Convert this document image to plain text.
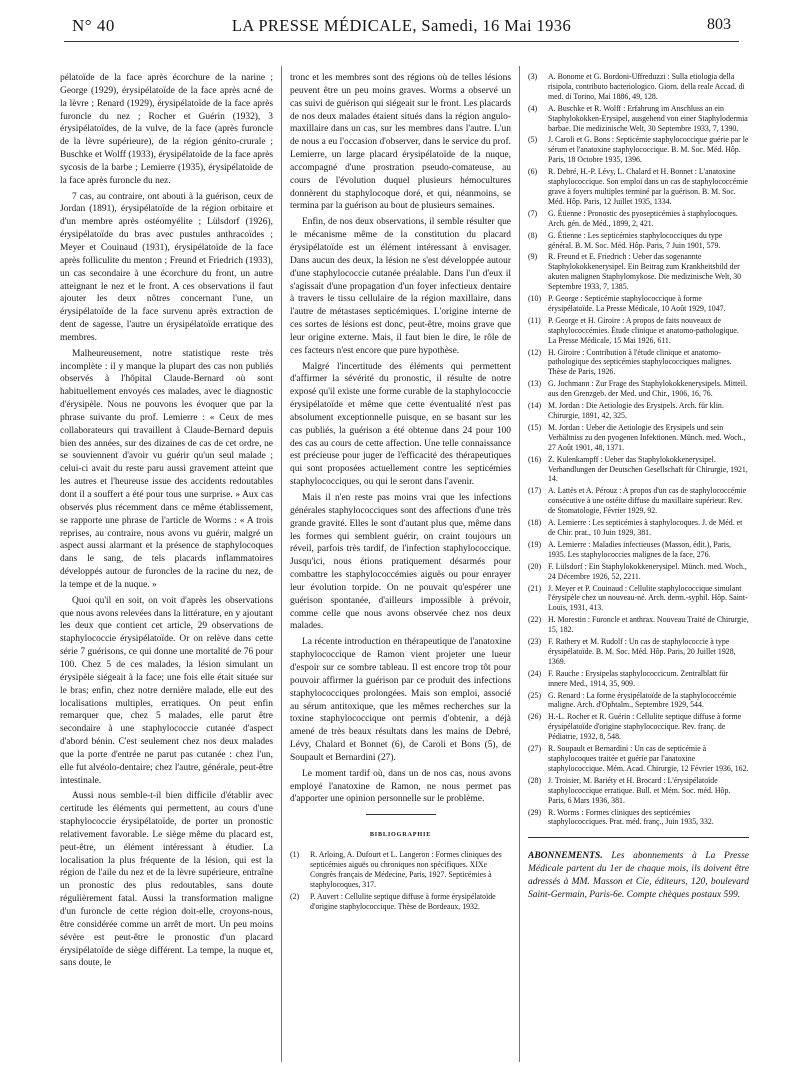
N° 40	LA PRESSE MÉDICALE, Samedi, 16 Mai 1936	803

pélatoïde de la face après écorchure de la narine ; George (1929), érysipélatoïde de la face après acné de la lèvre ; Renard (1929), érysipélatoïde de la face après furoncle du nez ; Rocher et Guérin (1932), 3 érysipélatoïdes, de la vulve, de la face (après furoncle de la lèvre supérieure), de la région génito-crurale ; Buschke et Wolff (1933), érysipélatoïde de la face après sycosis de la barbe ; Lemierre (1935), érysipélatoïde de la face après furoncle du nez.

7 cas, au contraire, ont abouti à la guérison, ceux de Jordan (1891), érysipélatoïde de la région orbitaire et d'un membre après ostéomyélite ; Lülsdorf (1926), érysipélatoïde du bras avec pustules anthracoïdes ; Meyer et Couinaud (1931), érysipélatoïde de la face après folliculite du menton ; Freund et Friedrich (1933), un cas secondaire à une écorchure du front, un autre atteignant le nez et le front. A ces observations il faut ajouter les deux nôtres concernant l'une, un érysipélatoïde de la face survenu après extraction de dent de sagesse, l'autre un érysipélatoïde erratique des membres.

Malheureusement, notre statistique reste très incomplète : il y manque la plupart des cas non publiés observés à l'hôpital Claude-Bernard où sont habituellement envoyés ces malades, avec le diagnostic d'érysipèle. Nous ne pouvons les évoquer que par la phrase suivante du prof. Lemierre : « Ceux de mes collaborateurs qui travaillent à Claude-Bernard depuis bien des années, sur des dizaines de cas de cet ordre, ne se souviennent d'avoir vu guérir qu'un seul malade ; celui-ci avait du reste paru aussi gravement atteint que les autres et l'heureuse issue des accidents redoutables dont il a souffert a été pour tous une surprise. » Aux cas observés plus récemment dans ce même établissement, se rapporte une phrase de l'article de Worms : « A trois reprises, au contraire, nous avons vu guérir, malgré un aspect aussi alarmant et la présence de staphylocoques dans le sang, de tels placards inflammatoires développés autour de furoncles de la racine du nez, de la tempe et de la nuque. »

Quoi qu'il en soit, on voit d'après les observations que nous avons relevées dans la littérature, en y ajoutant les deux que contient cet article, 29 observations de staphylococcie érysipélatoïde. Or on relève dans cette série 7 guérisons, ce qui donne une mortalité de 76 pour 100. Chez 5 de ces malades, la lésion simulant un érysipèle siégeait à la face; une fois elle était située sur le bras; enfin, chez notre dernière malade, elle eut des localisations multiples, erratiques. On peut enfin remarquer que, chez 5 malades, elle parut être secondaire à une staphylococcie cutanée d'aspect d'abord bénin. C'est seulement chez nos deux malades que la porte d'entrée ne parut pas cutanée : chez l'un, elle fut alvéolo-dentaire; chez l'autre, générale, peut-être intestinale.

Aussi nous semble-t-il bien difficile d'établir avec certitude les éléments qui permettent, au cours d'une staphylococcie érysipélatoïde, de porter un pronostic relativement favorable. Le siège même du placard est, peut-être, un élément intéressant à étudier. La localisation la plus fréquente de la lésion, qui est la région de l'aile du nez et de la lèvre supérieure, entraîne un pronostic des plus redoutables, sans doute régulièrement fatal. Aussi la transformation maligne d'un furoncle de cette région doit-elle, croyons-nous, être considérée comme un arrêt de mort. Un peu moins sévère est peut-être le pronostic d'un placard érysipélatoïde de siège différent. La tempe, la nuque et, sans doute, le

tronc et les membres sont des régions où de telles lésions peuvent être un peu moins graves. Worms a observé un cas suivi de guérison qui siégeait sur le front. Les placards de nos deux malades étaient situés dans la région angulo-maxillaire dans un cas, sur les membres dans l'autre. L'un de nous a eu l'occasion d'observer, dans le service du prof. Lemierre, un large placard érysipélatoïde de la nuque, accompagné d'une prostration pseudo-comateuse, au cours de l'évolution duquel plusieurs hémocultures donnèrent du staphylocoque doré, et qui, néanmoins, se termina par la guérison au bout de plusieurs semaines.

Enfin, de nos deux observations, il semble résulter que le mécanisme même de la constitution du placard érysipélatoïde est un élément intéressant à envisager. Dans aucun des deux, la lésion ne s'est développée autour d'une staphylococcie cutanée préalable. Dans l'un d'eux il s'agissait d'une propagation d'un foyer infectieux dentaire à travers le tissu cellulaire de la région maxillaire, dans l'autre de métastases septicémiques. L'origine interne de ces sortes de lésions est donc, peut-être, moins grave que leur origine externe. Mais, il faut bien le dire, le rôle de ces facteurs n'est encore que pure hypothèse.

Malgré l'incertitude des éléments qui permettent d'affirmer la sévérité du pronostic, il résulte de notre exposé qu'il existe une forme curable de la staphylococcie érysipélatoïde et même que cette éventualité n'est pas absolument exceptionnelle puisque, en se basant sur les cas publiés, la guérison a été obtenue dans 24 pour 100 des cas au cours de cette affection. Une telle connaissance est précieuse pour juger de l'efficacité des thérapeutiques qui sont proposées actuellement contre les septicémies staphylococciques, ou qui le seront dans l'avenir.

Mais il n'en reste pas moins vrai que les infections générales staphylococciques sont des affections d'une très grande gravité. Elles le sont d'autant plus que, même dans les formes qui semblent guérir, on craint toujours un réveil, parfois très tardif, de l'infection staphylococcique. Jusqu'ici, nous étions pratiquement désarmés pour combattre les staphylococcémies aiguës ou pour enrayer leur évolution torpide. On ne pouvait qu'espérer une guérison spontanée, d'ailleurs impossible à prévoir, comme celle que nous avons observée chez nos deux malades.

La récente introduction en thérapeutique de l'anatoxine staphylococcique de Ramon vient projeter une lueur d'espoir sur ce sombre tableau. Il est encore trop tôt pour pouvoir affirmer la guérison par ce produit des infections staphylococciques prolongées. Mais son emploi, associé au sérum antitoxique, que les mêmes recherches sur la toxine staphylococcique ont permis d'obtenir, a déjà amené de très beaux résultats dans les mains de Debré, Lévy, Chalard et Bonnet (6), de Caroli et Bons (5), de Soupault et Bernardini (27).

Le moment tardif où, dans un de nos cas, nous avons employé l'anatoxine de Ramon, ne nous permet pas d'apporter une opinion personnelle sur le problème.

BIBLIOGRAPHIE
(1) R. Arloing, A. Dufourt et L. Langeron : Formes cliniques des septicémies aiguës ou chroniques non spécifiques. XIXe Congrès français de Médecine, Paris, 1927. Septicémies à staphylocoques, 317.
(2) P. Auvert : Cellulite septique diffuse à forme érysipélatoïde d'origine staphylococcique. Thèse de Bordeaux, 1932.
(3) A. Bonome et G. Bordoni-Uffreduzzi : Sulla etiologia della risipola, contributo bacteriologico. Giorn. della reale Accad. di med. di Torino, Mai 1886, 49, 128.
(4) A. Buschke et R. Wolff : Erfahrung im Anschluss an ein Staphylokokken-Erysipel, ausgehend von einer Staphylodermia barbae. Die medizinische Welt, 30 Septembre 1933, 7, 1390.
(5) J. Caroli et G. Bons : Septicémie staphylococcique guérie par le sérum et l'anatoxine staphylococcique. B. M. Soc. Méd. Hôp. Paris, 18 Octobre 1935, 1396.
(6) R. Debré, H.-P. Lévy, L. Chalard et H. Bonnet : L'anatoxine staphylococcique. Son emploi dans un cas de staphylococcémie grave à foyers multiples terminé par la guérison. B. M. Soc. Méd. Hôp. Paris, 12 Juillet 1935, 1334.
(7) G. Étienne : Pronostic des pyosepticémies à staphylocoques. Arch. gén. de Méd., 1899, 2, 421.
(8) G. Étienne : Les septicémies staphylococciques du type général. B. M. Soc. Méd. Hôp. Paris, 7 Juin 1901, 579.
(9) R. Freund et E. Friedrich : Ueber das sogenannte Staphylokokkenerysipel. Ein Beitrag zum Krankheitsbild der akuten malignen Staphylomykose. Die medizinische Welt, 30 Septembre 1933, 7, 1385.
(10) P. George : Septicémie staphylococcique à forme érysipélatoïde. La Presse Médicale, 10 Août 1929, 1047.
(11) P. George et H. Giroire : A propos de faits nouveaux de staphylococcémies. Étude clinique et anatomo-pathologique. La Presse Médicale, 15 Mai 1926, 611.
(12) H. Giroire : Contribution à l'étude clinique et anatomo-pathologique des septicémies staphylococciques malignes. Thèse de Paris, 1926.
(13) G. Jochmann : Zur Frage des Staphylokokkenerysipels. Mitteil. aus den Grenzgeb. der Med. und Chir., 1906, 16, 76.
(14) M. Jordan : Die Aetiologie des Erysipels. Arch. für klin. Chirurgie, 1891, 42, 325.
(15) M. Jordan : Ueber die Aetiologie des Erysipels und sein Verhältniss zu den pyogenen Infektionen. Münch. med. Woch., 27 Août 1901, 48, 1371.
(16) Z. Kulenkampff : Ueber das Staphylokokkenerysipel. Verhandlungen der Deutschen Gesellschaft für Chirurgie, 1921, 14.
(17) A. Lattès et A. Pérouz : A propos d'un cas de staphylococcémie consécutive à une ostéite diffuse du maxillaire supérieur. Rev. de Stomatologie, Février 1929, 92.
(18) A. Lemierre : Les septicémies à staphylocoques. J. de Méd. et de Chir. prat., 10 Juin 1929, 381.
(19) A. Lemierre : Maladies infectieuses (Masson, édit.), Paris, 1935. Les staphylococcies malignes de la face, 276.
(20) F. Lülsdorf : Ein Staphylokokkenerysipel. Münch. med. Woch., 24 Décembre 1926, 52, 2211.
(21) J. Meyer et P. Couinaud : Cellulite staphylococcique simulant l'érysipèle chez un nouveau-né. Arch. derm.-syphil. Hôp. Saint-Louis, 1931, 413.
(22) H. Morestin : Furoncle et anthrax. Nouveau Traité de Chirurgie, 15, 182.
(23) F. Rathery et M. Rudolf : Un cas de staphylococcie à type érysipélatoïde. B. M. Soc. Méd. Hôp. Paris, 20 Juillet 1928, 1369.
(24) F. Rauche : Erysipelas staphylococcicum. Zentralblatt für innere Med., 1914, 35, 909.
(25) G. Renard : La forme érysipélatoïde de la staphylococcémie maligne. Arch. d'Ophtalm., Septembre 1929, 544.
(26) H.-L. Rocher et R. Guérin : Cellulite septique diffuse à forme érysipélatoïde d'origine staphylococcique. Rev. franç. de Pédiatrie, 1932, 8, 548.
(27) R. Soupault et Bernardini : Un cas de septicémie à staphylocoques traitée et guérie par l'anatoxine staphylococcique. Mém. Acad. Chirurgie, 12 Février 1936, 162.
(28) J. Troisier, M. Bariéty et H. Brocard : L'érysipélatoïde staphylococcique erratique. Bull. et Mém. Soc. méd. Hôp. Paris, 6 Mars 1936, 381.
(29) R. Worms : Formes cliniques des septicémies staphylococciques. Prat. méd. franç., Juin 1935, 332.
ABONNEMENTS. Les abonnements à La Presse Médicale partent du 1er de chaque mois, ils doivent être adressés à MM. Masson et Cie, éditeurs, 120, boulevard Saint-Germain, Paris-6e. Compte chèques postaux 599.
